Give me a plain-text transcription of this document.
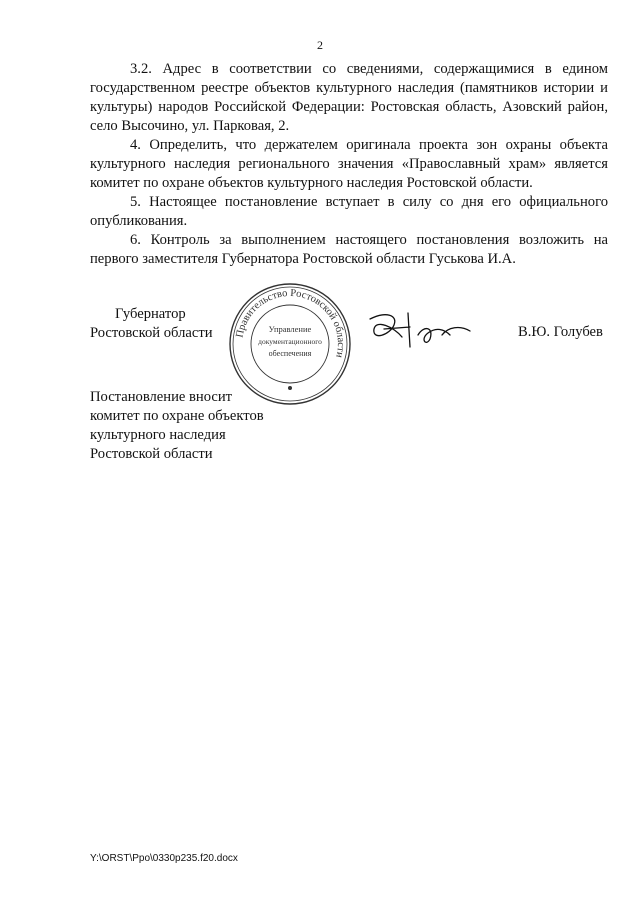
2

3.2. Адрес в соответствии со сведениями, содержащимися в едином государственном реестре объектов культурного наследия (памятников истории и культуры) народов Российской Федерации: Ростовская область, Азовский район, село Высочино, ул. Парковая, 2.

4. Определить, что держателем оригинала проекта зон охраны объекта культурного наследия регионального значения «Православный храм» является комитет по охране объектов культурного наследия Ростовской области.

5. Настоящее постановление вступает в силу со дня его официального опубликования.

6. Контроль за выполнением настоящего постановления возложить на первого заместителя Губернатора Ростовской области Гуськова И.А.

Губернатор
Ростовской области Правительство Ростовской области
Управление
документационного
обеспечения
В.Ю. Голубев
Постановление вносит
комитет по охране объектов
культурного наследия
Ростовской области
Y:\ORST\Ppo\0330p235.f20.docx
